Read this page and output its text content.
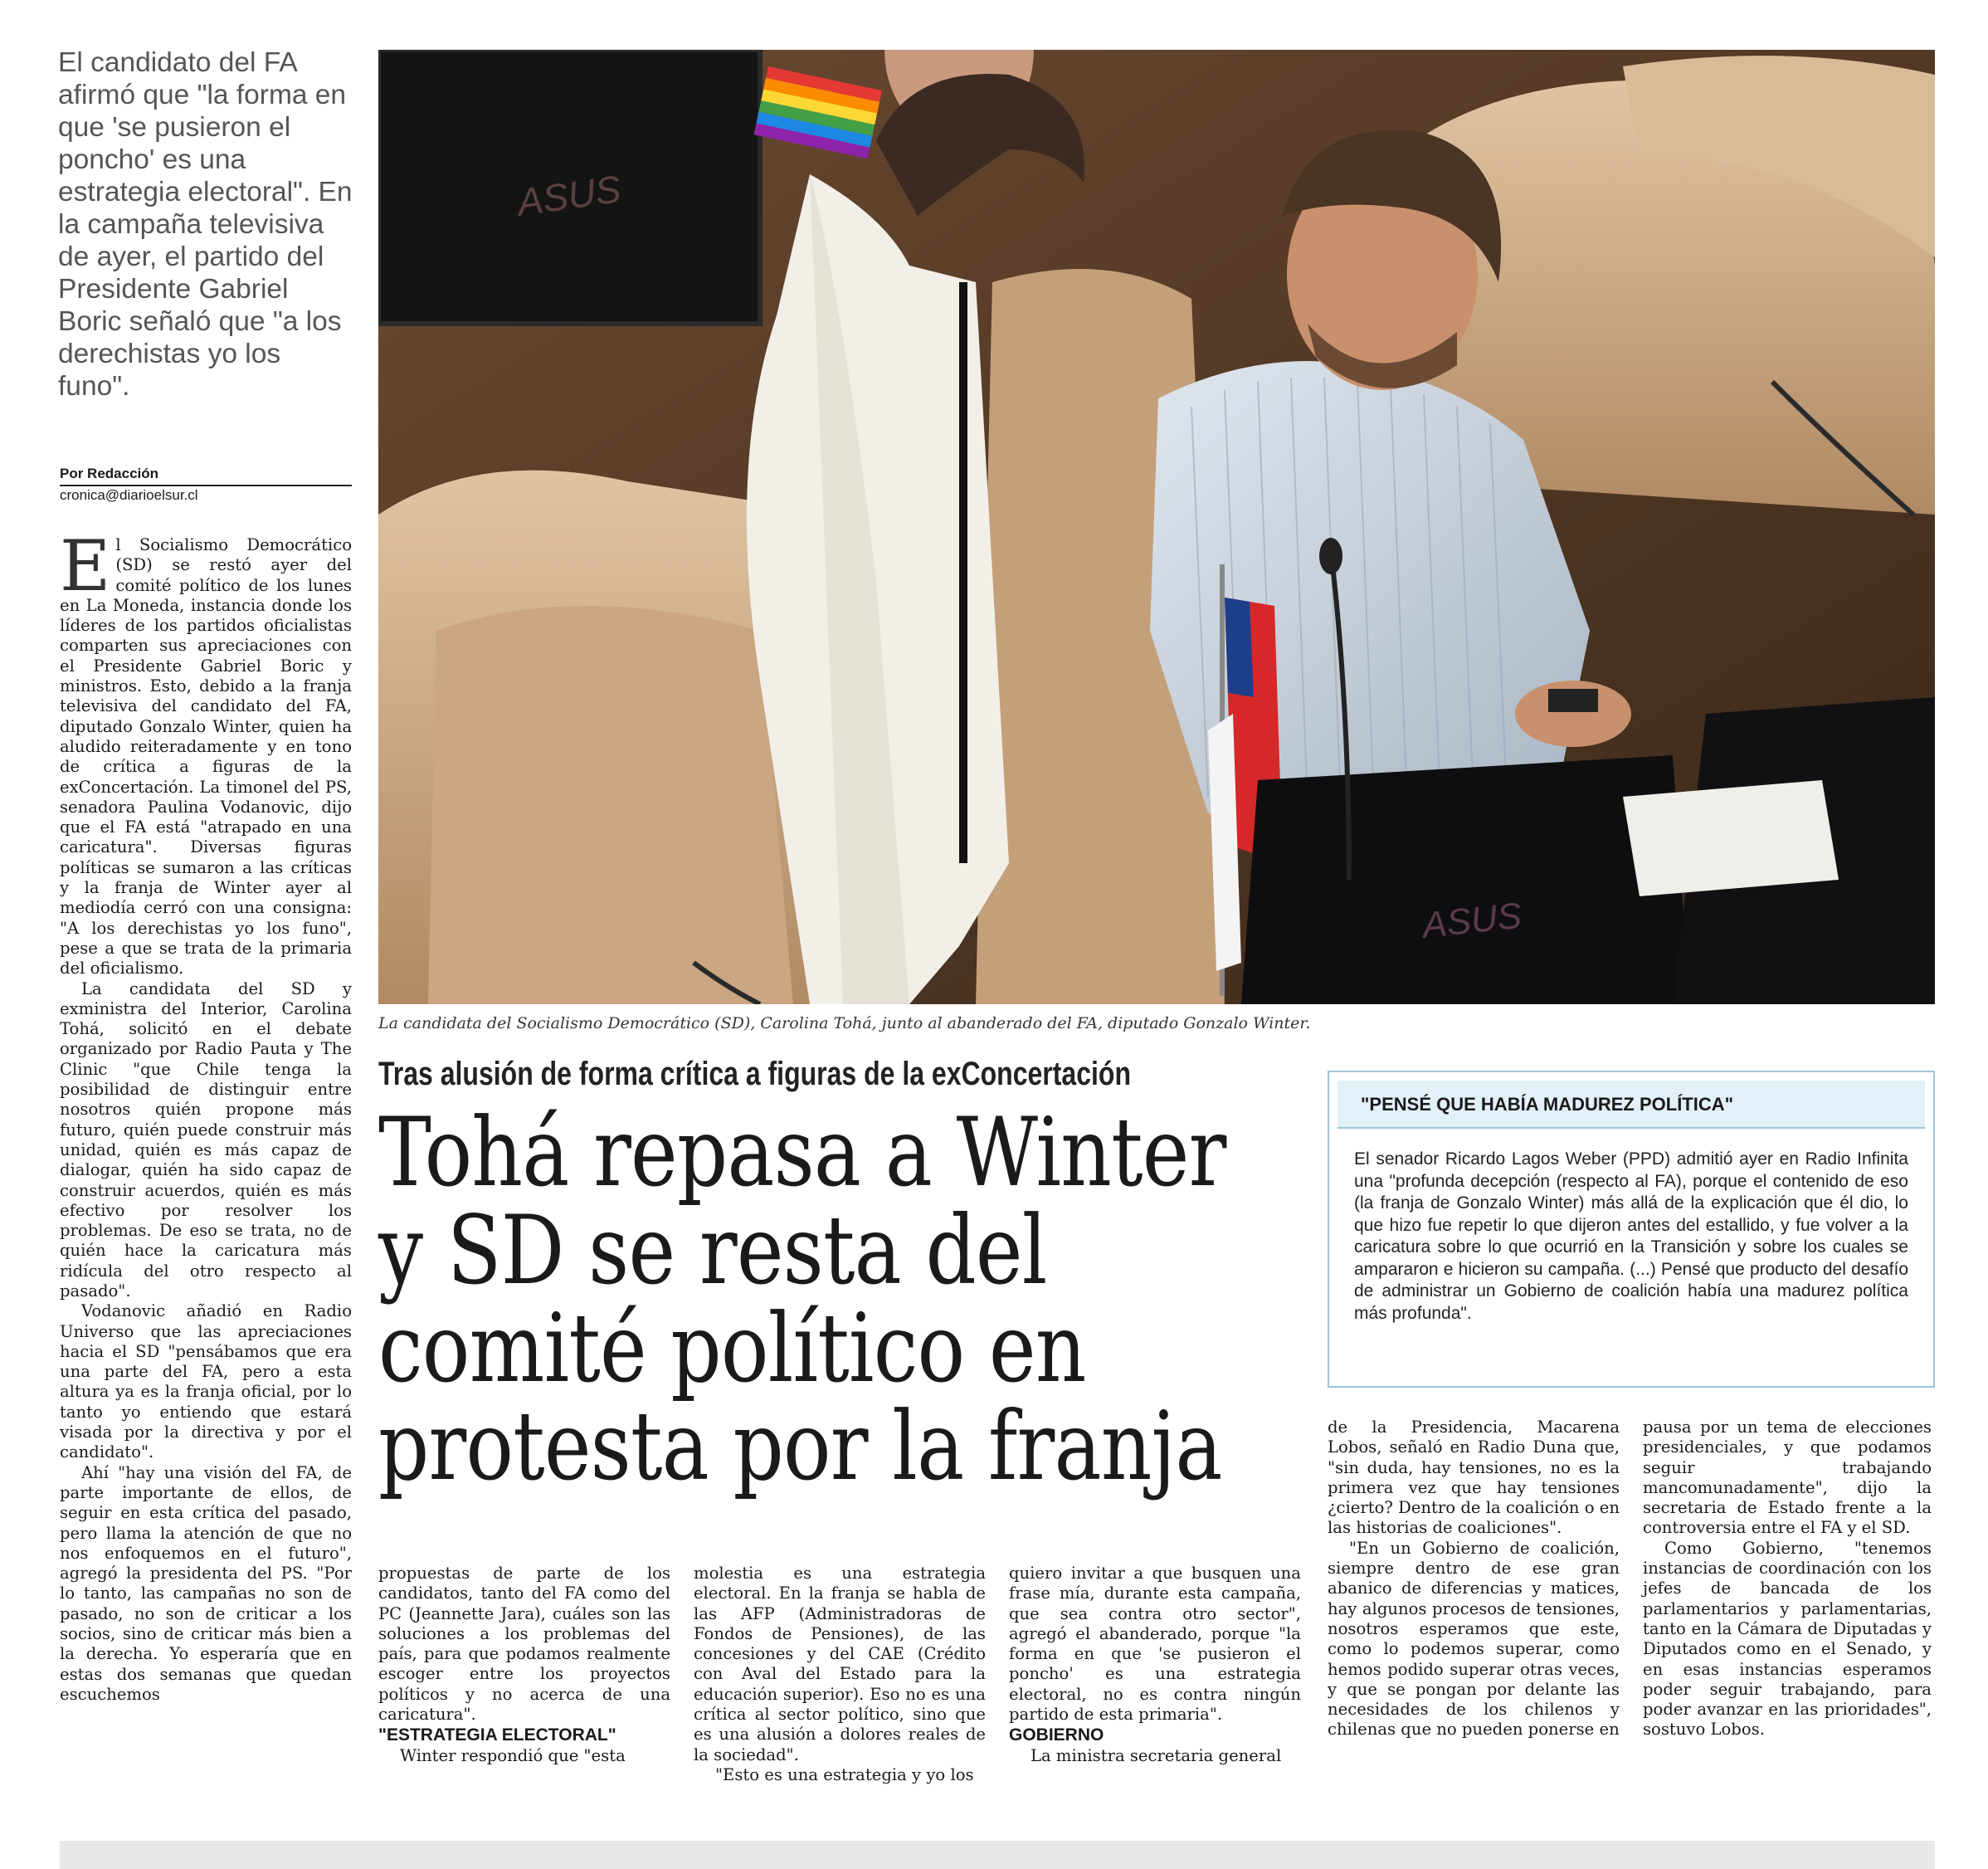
El candidato del FA afirmó que "la forma en que 'se pusieron el poncho' es una estrategia electoral". En la campaña televisiva de ayer, el partido del Presidente Gabriel Boric señaló que "a los derechistas yo los funo".
Por Redacción
cronica@diarioelsur.cl

El Socialismo Democrático (SD) se restó ayer del comité político de los lunes en La Moneda, instancia donde los líderes de los partidos oficialistas comparten sus apreciaciones con el Presidente Gabriel Boric y ministros. Esto, debido a la franja televisiva del candidato del FA, diputado Gonzalo Winter, quien ha aludido reiteradamente y en tono de crítica a figuras de la exConcertación. La timonel del PS, senadora Paulina Vodanovic, dijo que el FA está "atrapado en una caricatura". Diversas figuras políticas se sumaron a las críticas y la franja de Winter ayer al mediodía cerró con una consigna: "A los derechistas yo los funo", pese a que se trata de la primaria del oficialismo.

La candidata del SD y exministra del Interior, Carolina Tohá, solicitó en el debate organizado por Radio Pauta y The Clinic "que Chile tenga la posibilidad de distinguir entre nosotros quién propone más futuro, quién puede construir más unidad, quién es más capaz de dialogar, quién ha sido capaz de construir acuerdos, quién es más efectivo por resolver los problemas. De eso se trata, no de quién hace la caricatura más ridícula del otro respecto al pasado".

Vodanovic añadió en Radio Universo que las apreciaciones hacia el SD "pensábamos que era una parte del FA, pero a esta altura ya es la franja oficial, por lo tanto yo entiendo que estará visada por la directiva y por el candidato".

Ahí "hay una visión del FA, de parte importante de ellos, de seguir en esta crítica del pasado, pero llama la atención de que no nos enfoquemos en el futuro", agregó la presidenta del PS. "Por lo tanto, las campañas no son de pasado, no son de criticar a los socios, sino de criticar más bien a la derecha. Yo esperaría que en estas dos semanas que quedan escuchemos

ASUS
ASUS
La candidata del Socialismo Democrático (SD), Carolina Tohá, junto al abanderado del FA, diputado Gonzalo Winter.
Tras alusión de forma crítica a figuras de la exConcertación
Tohá repasa a Winter
y SD se resta del
comité político en
protesta por la franja
"PENSÉ QUE HABÍA MADUREZ POLÍTICA"
El senador Ricardo Lagos Weber (PPD) admitió ayer en Radio Infinita una "profunda decepción (respecto al FA), porque el contenido de eso (la franja de Gonzalo Winter) más allá de la explicación que él dio, lo que hizo fue repetir lo que dijeron antes del estallido, y fue volver a la caricatura sobre lo que ocurrió en la Transición y sobre los cuales se ampararon e hicieron su campaña. (...) Pensé que producto del desafío de administrar un Gobierno de coalición había una madurez política más profunda".

propuestas de parte de los candidatos, tanto del FA como del PC (Jeannette Jara), cuáles son las soluciones a los problemas del país, para que podamos realmente escoger entre los proyectos políticos y no acerca de una caricatura".

"ESTRATEGIA ELECTORAL"

Winter respondió que "esta

molestia es una estrategia electoral. En la franja se habla de las AFP (Administradoras de Fondos de Pensiones), de las concesiones y del CAE (Crédito con Aval del Estado para la educación superior). Eso no es una crítica al sector político, sino que es una alusión a dolores reales de la sociedad".

"Esto es una estrategia y yo los

quiero invitar a que busquen una frase mía, durante esta campaña, que sea contra otro sector", agregó el abanderado, porque "la forma en que 'se pusieron el poncho' es una estrategia electoral, no es contra ningún partido de esta primaria".

GOBIERNO

La ministra secretaria general

de la Presidencia, Macarena Lobos, señaló en Radio Duna que, "sin duda, hay tensiones, no es la primera vez que hay tensiones ¿cierto? Dentro de la coalición o en las historias de coaliciones".

"En un Gobierno de coalición, siempre dentro de ese gran abanico de diferencias y matices, hay algunos procesos de tensiones, nosotros esperamos que este, como lo podemos superar, como hemos podido superar otras veces, y que se pongan por delante las necesidades de los chilenos y chilenas que no pueden ponerse en

pausa por un tema de elecciones presidenciales, y que podamos seguir trabajando mancomunadamente", dijo la secretaria de Estado frente a la controversia entre el FA y el SD.

Como Gobierno, "tenemos instancias de coordinación con los jefes de bancada de los parlamentarios y parlamentarias, tanto en la Cámara de Diputadas y Diputados como en el Senado, y en esas instancias esperamos poder seguir trabajando, para poder avanzar en las prioridades", sostuvo Lobos.
